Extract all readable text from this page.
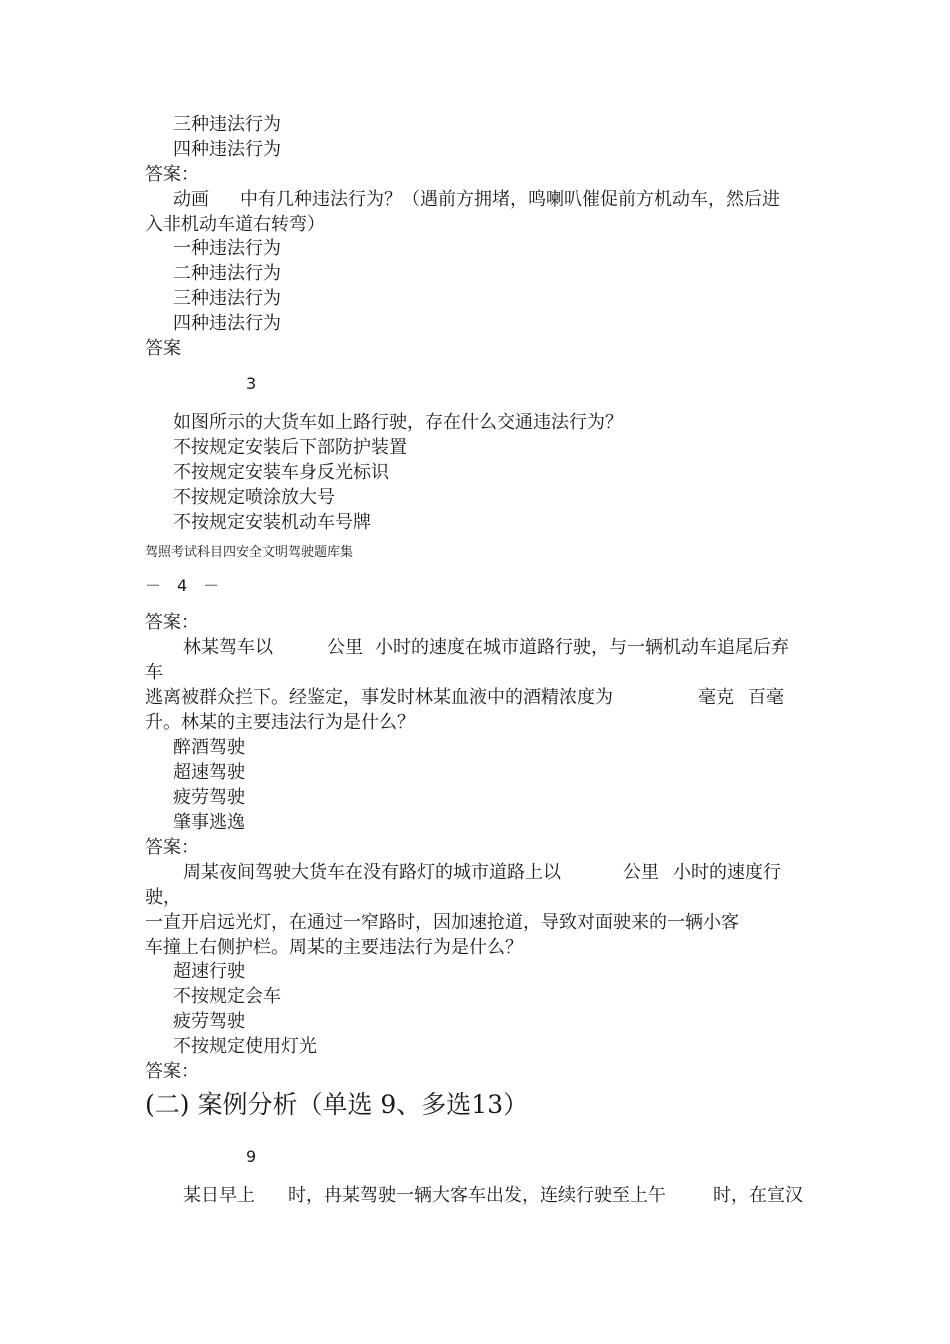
三种违法行为
四种违法行为
答案：
动画 中有几种违法行为？（遇前方拥堵，鸣喇叭催促前方机动车，然后进
入非机动车道右转弯）
一种违法行为
二种违法行为
三种违法行为
四种违法行为
答案
3
如图所示的大货车如上路行驶，存在什么交通违法行为？
不按规定安装后下部防护装置
不按规定安装车身反光标识
不按规定喷涂放大号
不按规定安装机动车号牌
驾照考试科目四安全文明驾驶题库集
－　4　－
答案：
林某驾车以	公里 小时的速度在城市道路行驶，与一辆机动车追尾后弃
车
逃离被群众拦下。经鉴定，事发时林某血液中的酒精浓度为	毫克 百毫
升。林某的主要违法行为是什么？
醉酒驾驶
超速驾驶
疲劳驾驶
肇事逃逸
答案：
周某夜间驾驶大货车在没有路灯的城市道路上以	公里 小时的速度行
驶，
一直开启远光灯，在通过一窄路时，因加速抢道，导致对面驶来的一辆小客
车撞上右侧护栏。周某的主要违法行为是什么？
超速行驶
不按规定会车
疲劳驾驶
不按规定使用灯光
答案：
(二) 案例分析（单选 9、多选13）
9
某日早上 时，冉某驾驶一辆大客车出发，连续行驶至上午	时，在宣汉
